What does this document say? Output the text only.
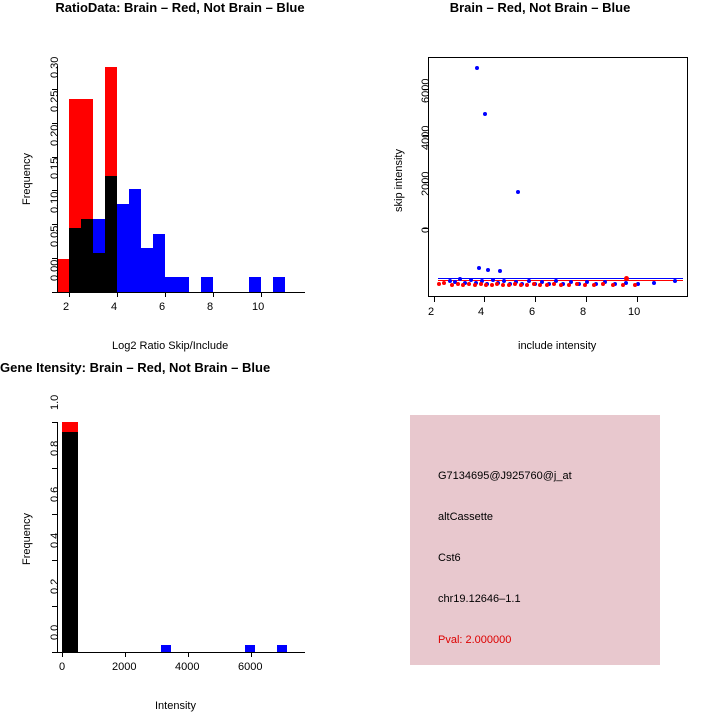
RatioData: Brain – Red, Not Brain – Blue
2	4	6	8	10
Log2 Ratio Skip/Include
0.00
0.05
0.10
0.15
0.20
0.25
0.30
Frequency
Brain – Red, Not Brain – Blue
2	4	6	8	10
include intensity
0
2000
4000
6000
skip intensity
Gene Itensity: Brain – Red, Not Brain – Blue
0	2000	4000	6000
Intensity
0.0
0.2
0.4
0.6
0.8
1.0
Frequency
G7134695@J925760@j_at
altCassette
Cst6
chr19.12646–1.1
Pval: 2.000000
